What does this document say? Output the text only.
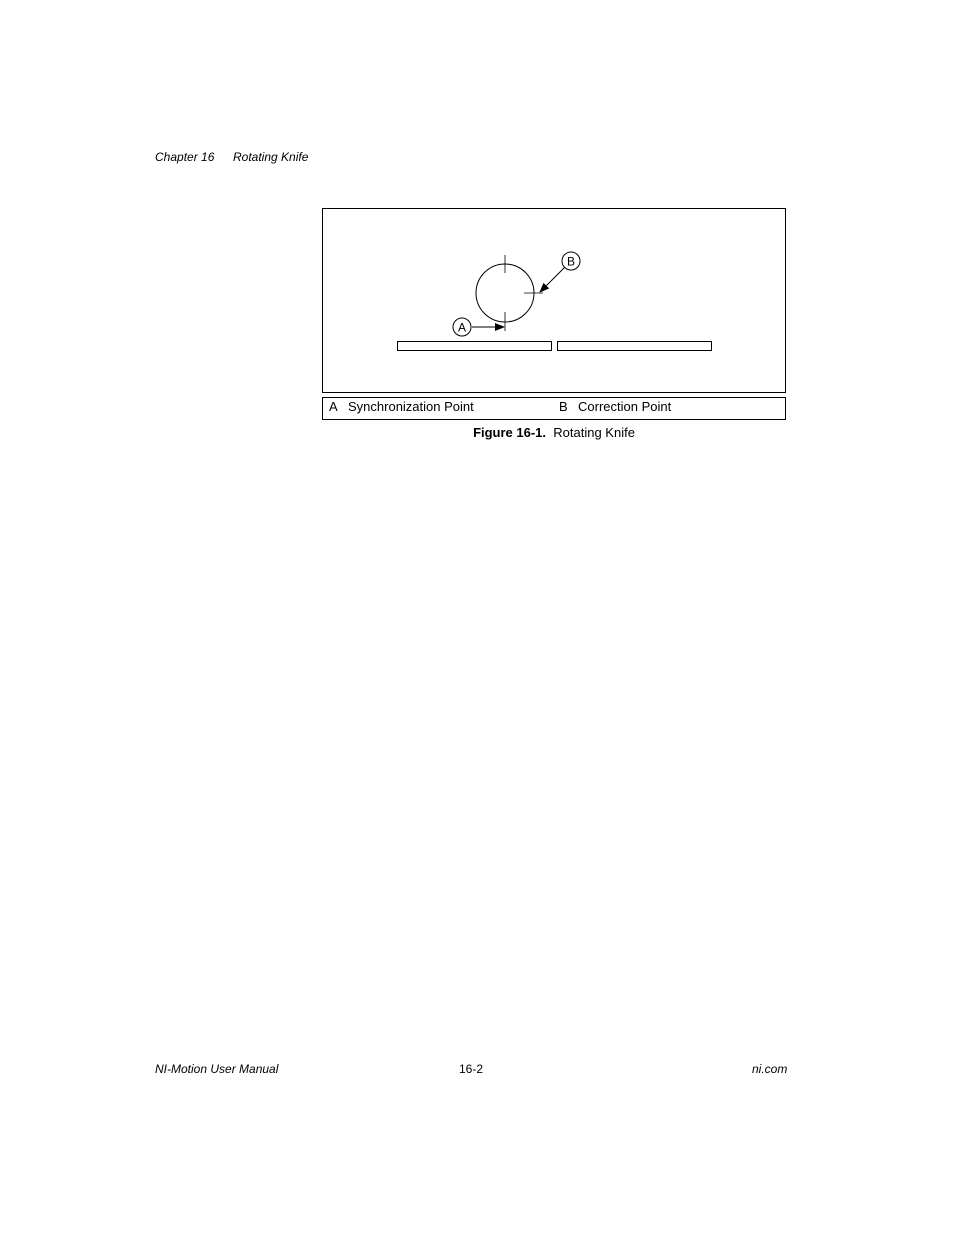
Chapter 16 Rotating Knife
A
B
A Synchronization Point	B Correction Point
Figure 16-1. Rotating Knife
NI-Motion User Manual	16-2	ni.com
